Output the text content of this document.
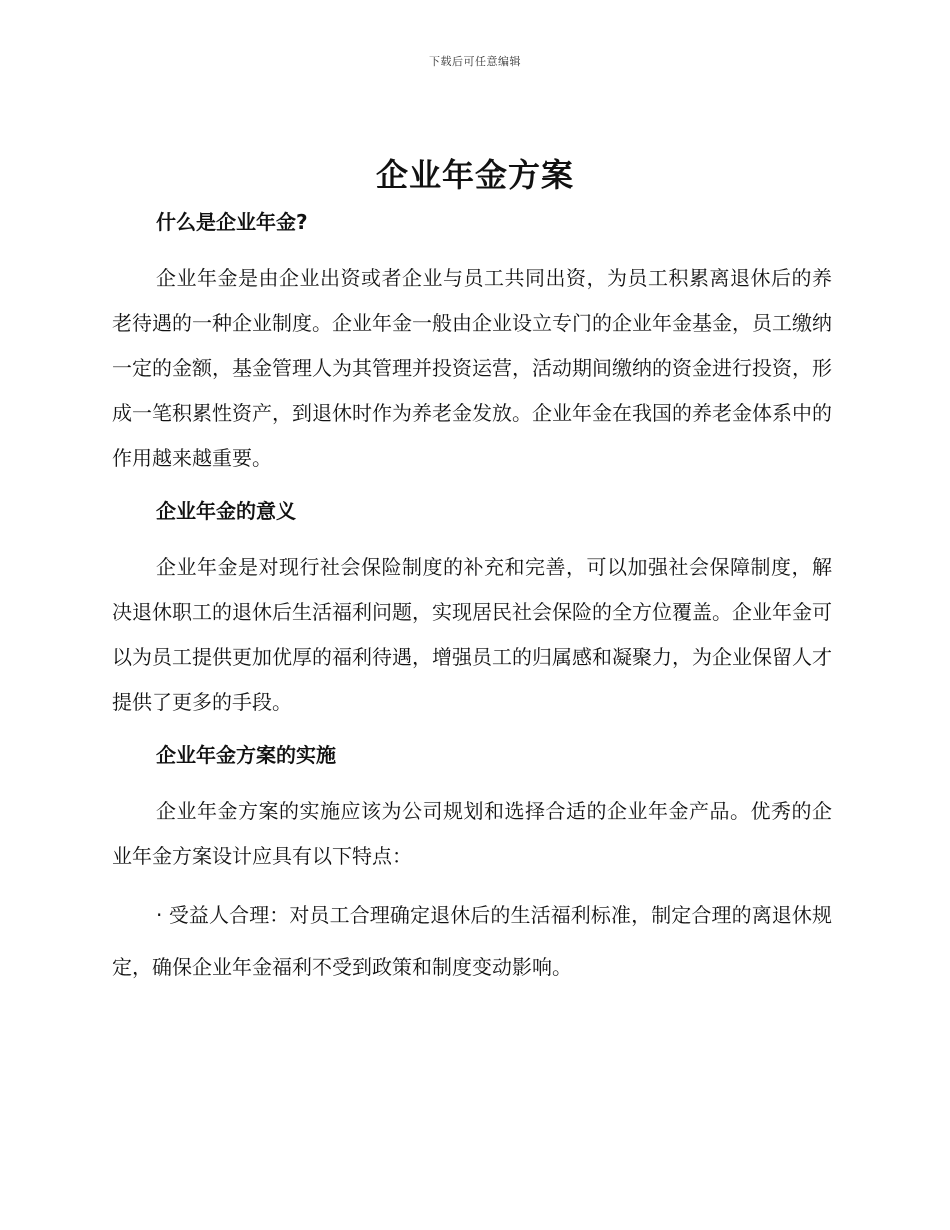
下载后可任意编辑
企业年金方案
什么是企业年金?

企业年金是由企业出资或者企业与员工共同出资，为员工积累离退休后的养老待遇的一种企业制度。企业年金一般由企业设立专门的企业年金基金，员工缴纳一定的金额，基金管理人为其管理并投资运营，活动期间缴纳的资金进行投资，形成一笔积累性资产，到退休时作为养老金发放。企业年金在我国的养老金体系中的作用越来越重要。

企业年金的意义

企业年金是对现行社会保险制度的补充和完善，可以加强社会保障制度，解决退休职工的退休后生活福利问题，实现居民社会保险的全方位覆盖。企业年金可以为员工提供更加优厚的福利待遇，增强员工的归属感和凝聚力，为企业保留人才提供了更多的手段。

企业年金方案的实施

企业年金方案的实施应该为公司规划和选择合适的企业年金产品。优秀的企业年金方案设计应具有以下特点：

· 受益人合理：对员工合理确定退休后的生活福利标准，制定合理的离退休规定，确保企业年金福利不受到政策和制度变动影响。
